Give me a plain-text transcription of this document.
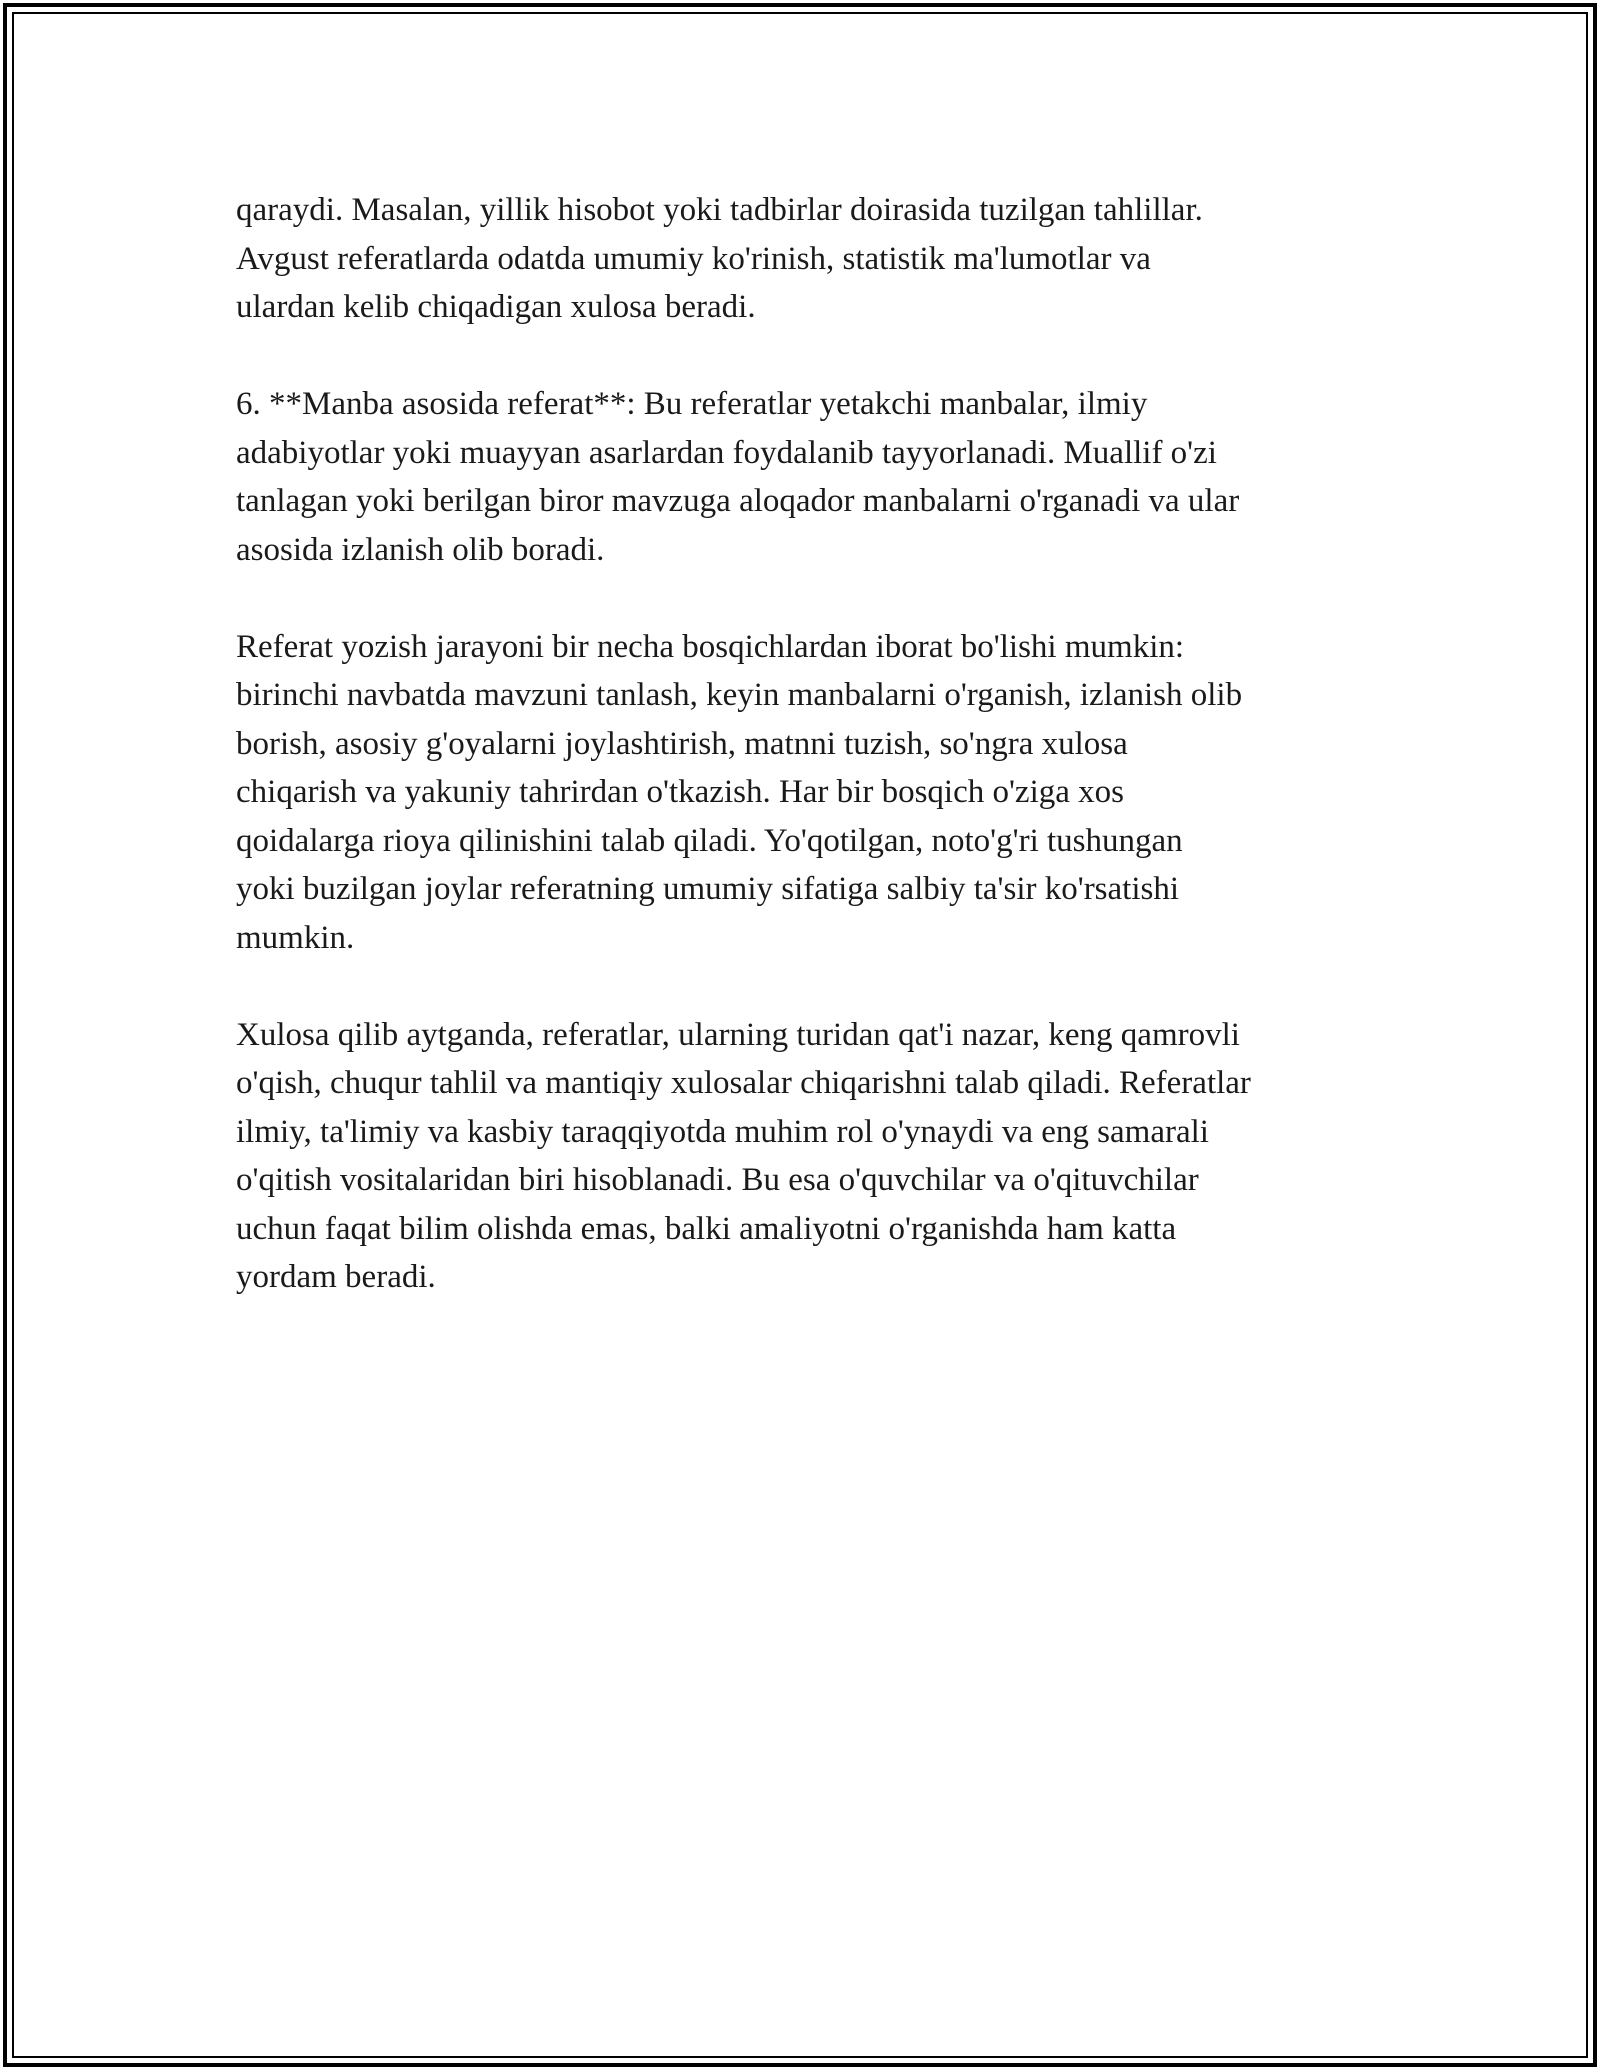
qaraydi. Masalan, yillik hisobot yoki tadbirlar doirasida tuzilgan tahlillar.
Avgust referatlarda odatda umumiy ko'rinish, statistik ma'lumotlar va
ulardan kelib chiqadigan xulosa beradi.

6. **Manba asosida referat**: Bu referatlar yetakchi manbalar, ilmiy
adabiyotlar yoki muayyan asarlardan foydalanib tayyorlanadi. Muallif o'zi
tanlagan yoki berilgan biror mavzuga aloqador manbalarni o'rganadi va ular
asosida izlanish olib boradi.

Referat yozish jarayoni bir necha bosqichlardan iborat bo'lishi mumkin:
birinchi navbatda mavzuni tanlash, keyin manbalarni o'rganish, izlanish olib
borish, asosiy g'oyalarni joylashtirish, matnni tuzish, so'ngra xulosa
chiqarish va yakuniy tahrirdan o'tkazish. Har bir bosqich o'ziga xos
qoidalarga rioya qilinishini talab qiladi. Yo'qotilgan, noto'g'ri tushungan
yoki buzilgan joylar referatning umumiy sifatiga salbiy ta'sir ko'rsatishi
mumkin.

Xulosa qilib aytganda, referatlar, ularning turidan qat'i nazar, keng qamrovli
o'qish, chuqur tahlil va mantiqiy xulosalar chiqarishni talab qiladi. Referatlar
ilmiy, ta'limiy va kasbiy taraqqiyotda muhim rol o'ynaydi va eng samarali
o'qitish vositalaridan biri hisoblanadi. Bu esa o'quvchilar va o'qituvchilar
uchun faqat bilim olishda emas, balki amaliyotni o'rganishda ham katta
yordam beradi.
